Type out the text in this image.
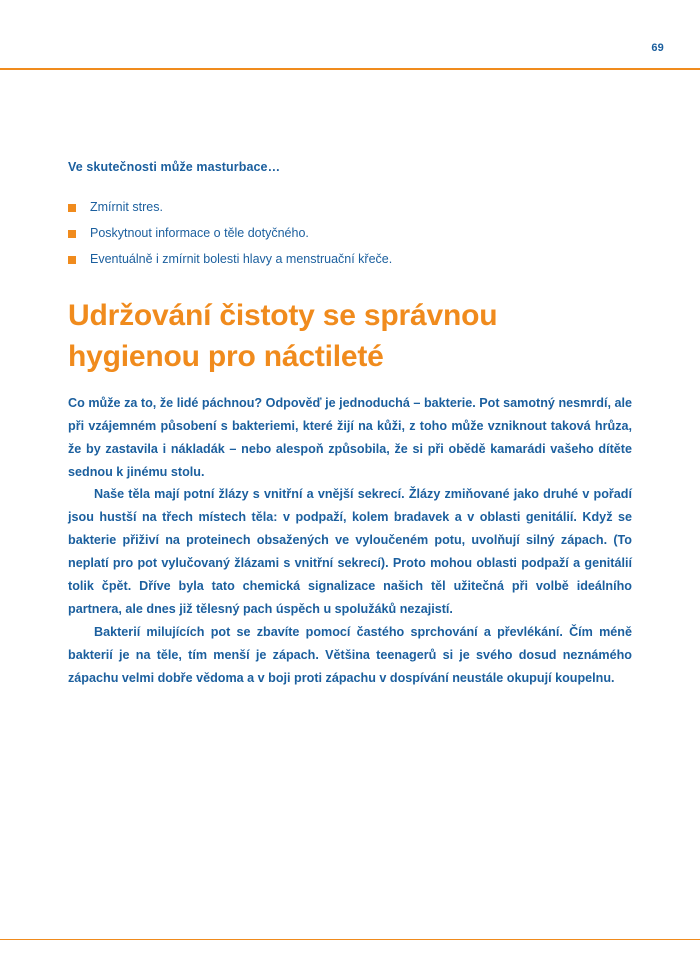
69

Ve skutečnosti může masturbace…

Zmírnit stres.
Poskytnout informace o těle dotyčného.
Eventuálně i zmírnit bolesti hlavy a menstruační křeče.
Udržování čistoty se správnou hygienou pro náctileté

Co může za to, že lidé páchnou? Odpověď je jednoduchá – bakterie. Pot samotný nesmrdí, ale při vzájemném působení s bakteriemi, které žijí na kůži, z toho může vzniknout taková hrůza, že by zastavila i nákladák – nebo alespoň způsobila, že si při obědě kamarádi vašeho dítěte sednou k jinému stolu.

Naše těla mají potní žlázy s vnitřní a vnější sekrecí. Žlázy zmiňované jako druhé v pořadí jsou hustší na třech místech těla: v podpaží, kolem bradavek a v oblasti genitálií. Když se bakterie přiživí na proteinech obsažených ve vyloučeném potu, uvolňují silný zápach. (To neplatí pro pot vylučovaný žlázami s vnitřní sekrecí). Proto mohou oblasti podpaží a genitálií tolik čpět. Dříve byla tato chemická signalizace našich těl užitečná při volbě ideálního partnera, ale dnes již tělesný pach úspěch u spolužáků nezajistí.

Bakterií milujících pot se zbavíte pomocí častého sprchování a převlékání. Čím méně bakterií je na těle, tím menší je zápach. Většina teenagerů si je svého dosud neznámého zápachu velmi dobře vědoma a v boji proti zápachu v dospívání neustále okupují koupelnu.
